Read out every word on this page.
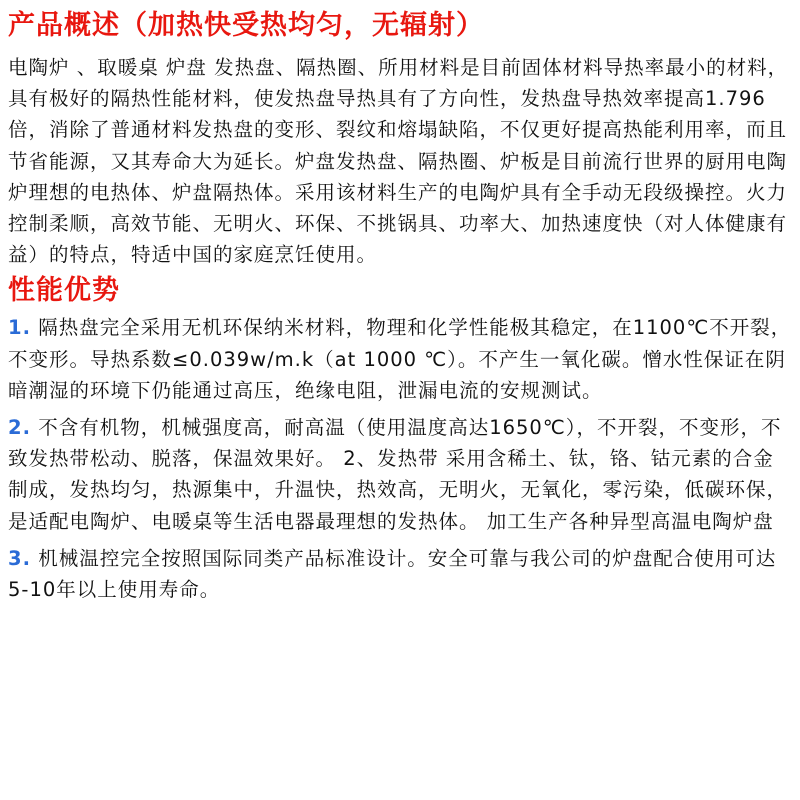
产品概述（加热快受热均匀，无辐射）

电陶炉 、取暖桌 炉盘 发热盘、隔热圈、所用材料是目前固体材料导热率最小的材料，具有极好的隔热性能材料，使发热盘导热具有了方向性，发热盘导热效率提高1.796倍，消除了普通材料发热盘的变形、裂纹和熔塌缺陷，不仅更好提高热能利用率，而且节省能源，又其寿命大为延长。炉盘发热盘、隔热圈、炉板是目前流行世界的厨用电陶炉理想的电热体、炉盘隔热体。采用该材料生产的电陶炉具有全手动无段级操控。火力控制柔顺，高效节能、无明火、环保、不挑锅具、功率大、加热速度快（对人体健康有益）的特点，特适中国的家庭烹饪使用。

性能优势

1. 隔热盘完全采用无机环保纳米材料，物理和化学性能极其稳定，在1100℃不开裂，不变形。导热系数≤0.039w/m.k（at 1000 ℃）。不产生一氧化碳。憎水性保证在阴暗潮湿的环境下仍能通过高压，绝缘电阻，泄漏电流的安规测试。

2. 不含有机物，机械强度高，耐高温（使用温度高达1650℃），不开裂，不变形，不致发热带松动、脱落，保温效果好。 2、发热带 采用含稀土、钛，铬、钴元素的合金制成，发热均匀，热源集中，升温快，热效高，无明火，无氧化，零污染，低碳环保，是适配电陶炉、电暖桌等生活电器最理想的发热体。 加工生产各种异型高温电陶炉盘

3. 机械温控完全按照国际同类产品标准设计。安全可靠与我公司的炉盘配合使用可达5-10年以上使用寿命。
